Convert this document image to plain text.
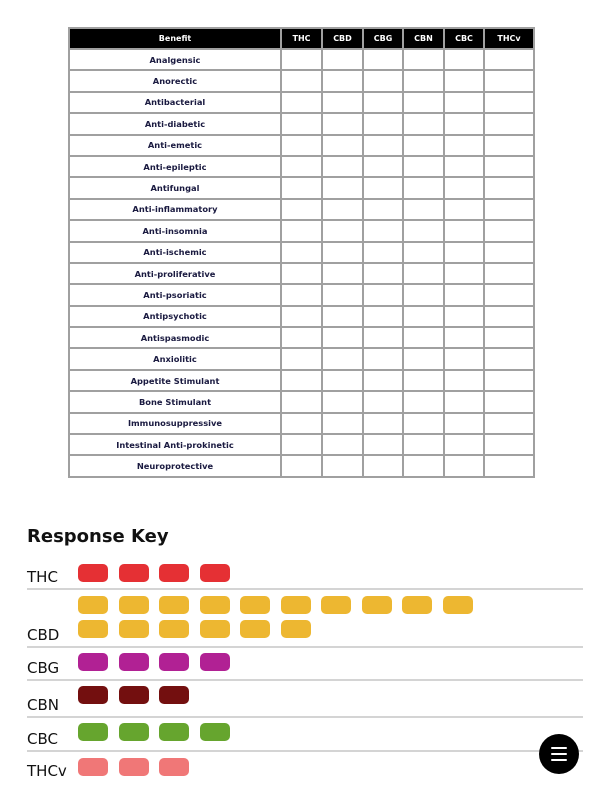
Benefit	THC	CBD	CBG	CBN	CBC	THCv
Analgensic						
Anorectic						
Antibacterial						
Anti-diabetic						
Anti-emetic						
Anti-epileptic						
Antifungal						
Anti-inflammatory						
Anti-insomnia						
Anti-ischemic						
Anti-proliferative						
Anti-psoriatic						
Antipsychotic						
Antispasmodic						
Anxiolitic						
Appetite Stimulant						
Bone Stimulant						
Immunosuppressive						
Intestinal Anti-prokinetic						
Neuroprotective						
Response Key
THC
CBD
CBG
CBN
CBC
THCv
